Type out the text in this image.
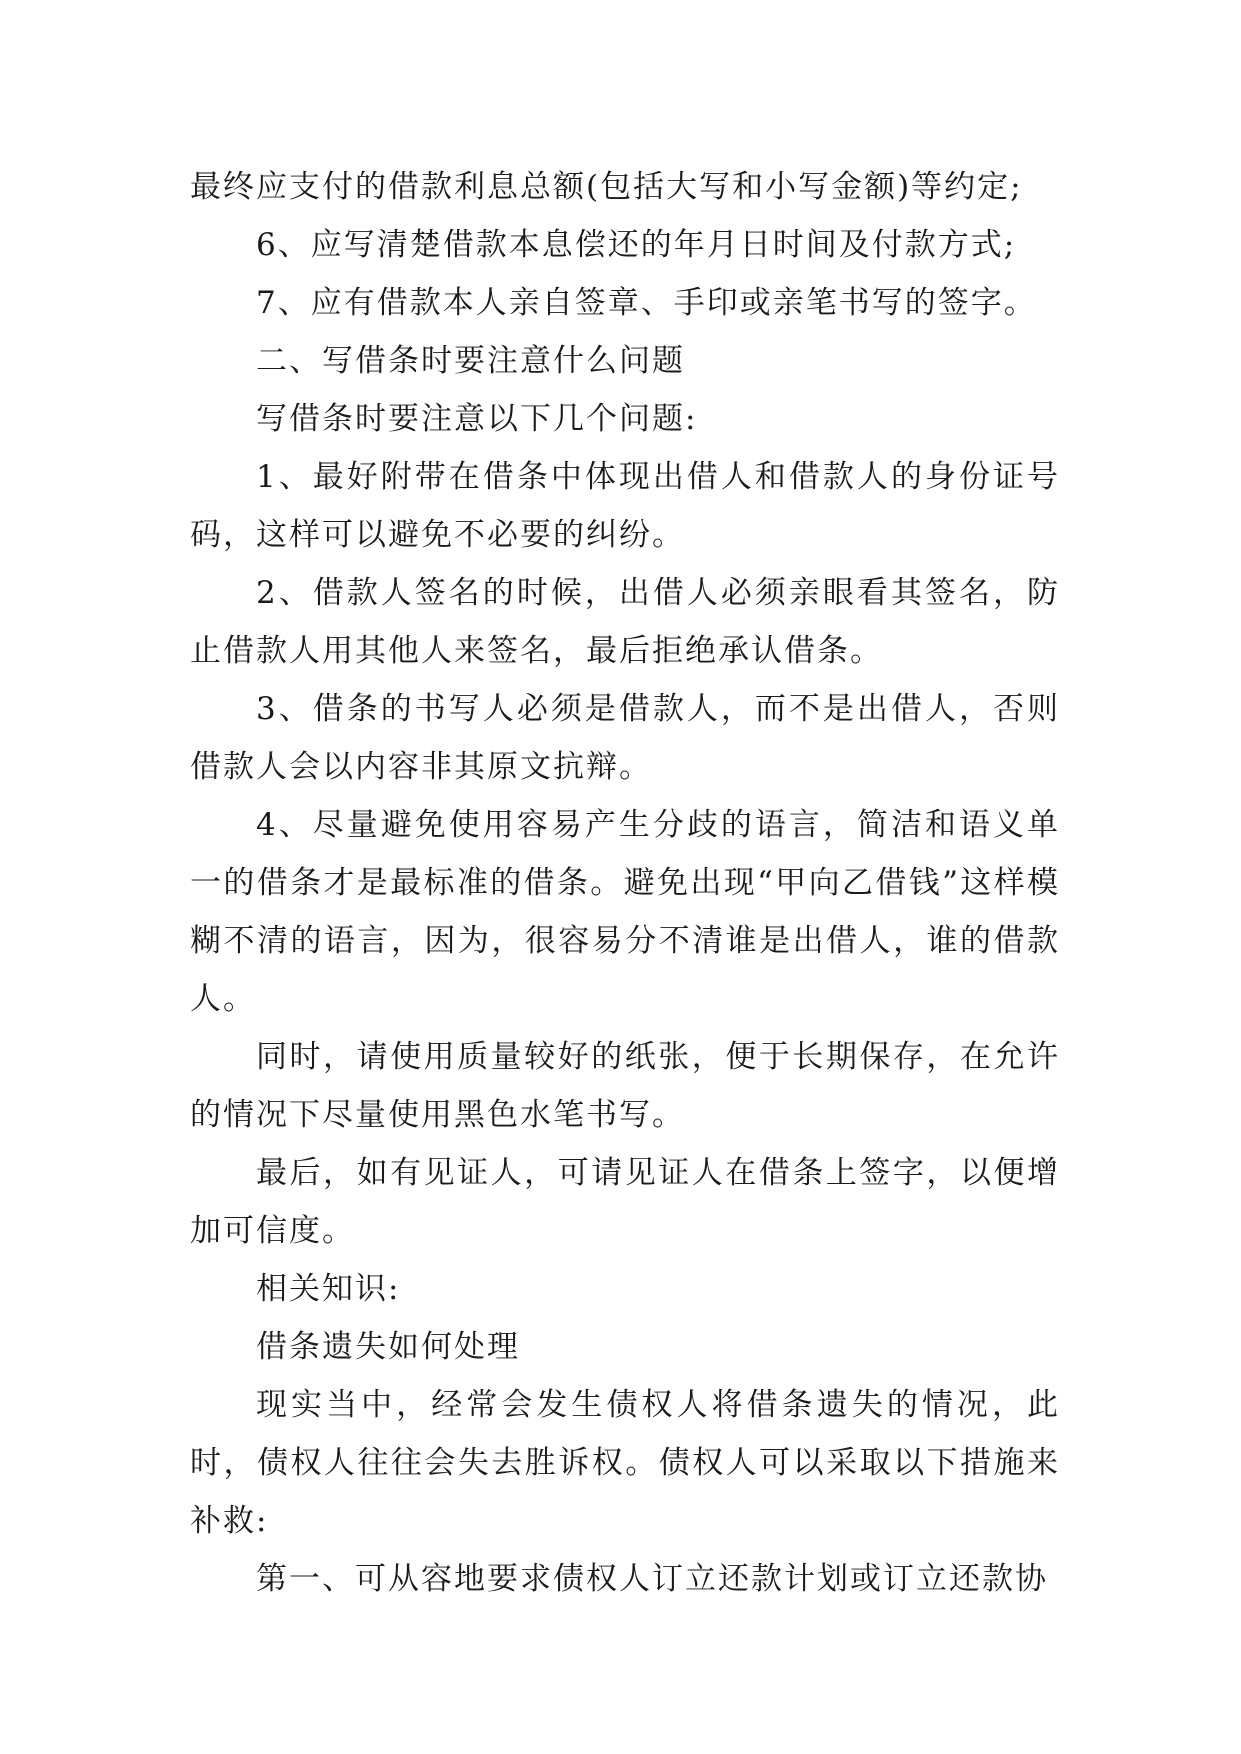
最终应支付的借款利息总额(包括大写和小写金额)等约定;

6、应写清楚借款本息偿还的年月日时间及付款方式;

7、应有借款本人亲自签章、手印或亲笔书写的签字。

二、写借条时要注意什么问题

写借条时要注意以下几个问题:

1、最好附带在借条中体现出借人和借款人的身份证号码，这样可以避免不必要的纠纷。

2、借款人签名的时候，出借人必须亲眼看其签名，防止借款人用其他人来签名，最后拒绝承认借条。

3、借条的书写人必须是借款人，而不是出借人，否则借款人会以内容非其原文抗辩。

4、尽量避免使用容易产生分歧的语言，简洁和语义单一的借条才是最标准的借条。避免出现“甲向乙借钱”这样模糊不清的语言，因为，很容易分不清谁是出借人，谁的借款人。

同时，请使用质量较好的纸张，便于长期保存，在允许的情况下尽量使用黑色水笔书写。

最后，如有见证人，可请见证人在借条上签字，以便增加可信度。

相关知识:

借条遗失如何处理

现实当中，经常会发生债权人将借条遗失的情况，此时，债权人往往会失去胜诉权。债权人可以采取以下措施来补救:

第一、可从容地要求债权人订立还款计划或订立还款协
